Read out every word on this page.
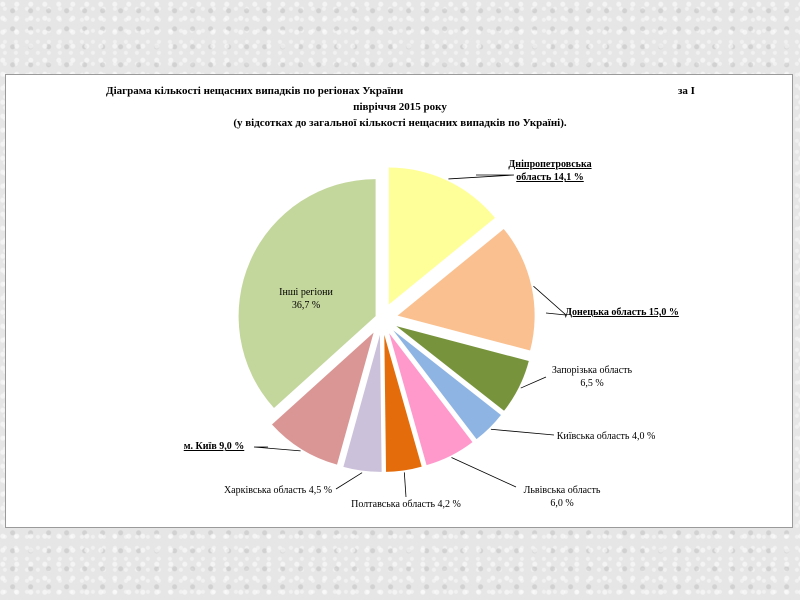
Діаграма кількості нещасних випадків по регіонах України	за І
півріччя 2015 року
(у відсотках до загальної кількості нещасних випадків по Україні).
Дніпропетровська
область 14,1 %
Донецька область 15,0 %
Запорізька область
6,5 %
Київська область 4,0 %
Львівська область
6,0 %
Полтавська область 4,2 %
Харківська область 4,5 %
м. Київ 9,0 %
Інші регіони
36,7 %
